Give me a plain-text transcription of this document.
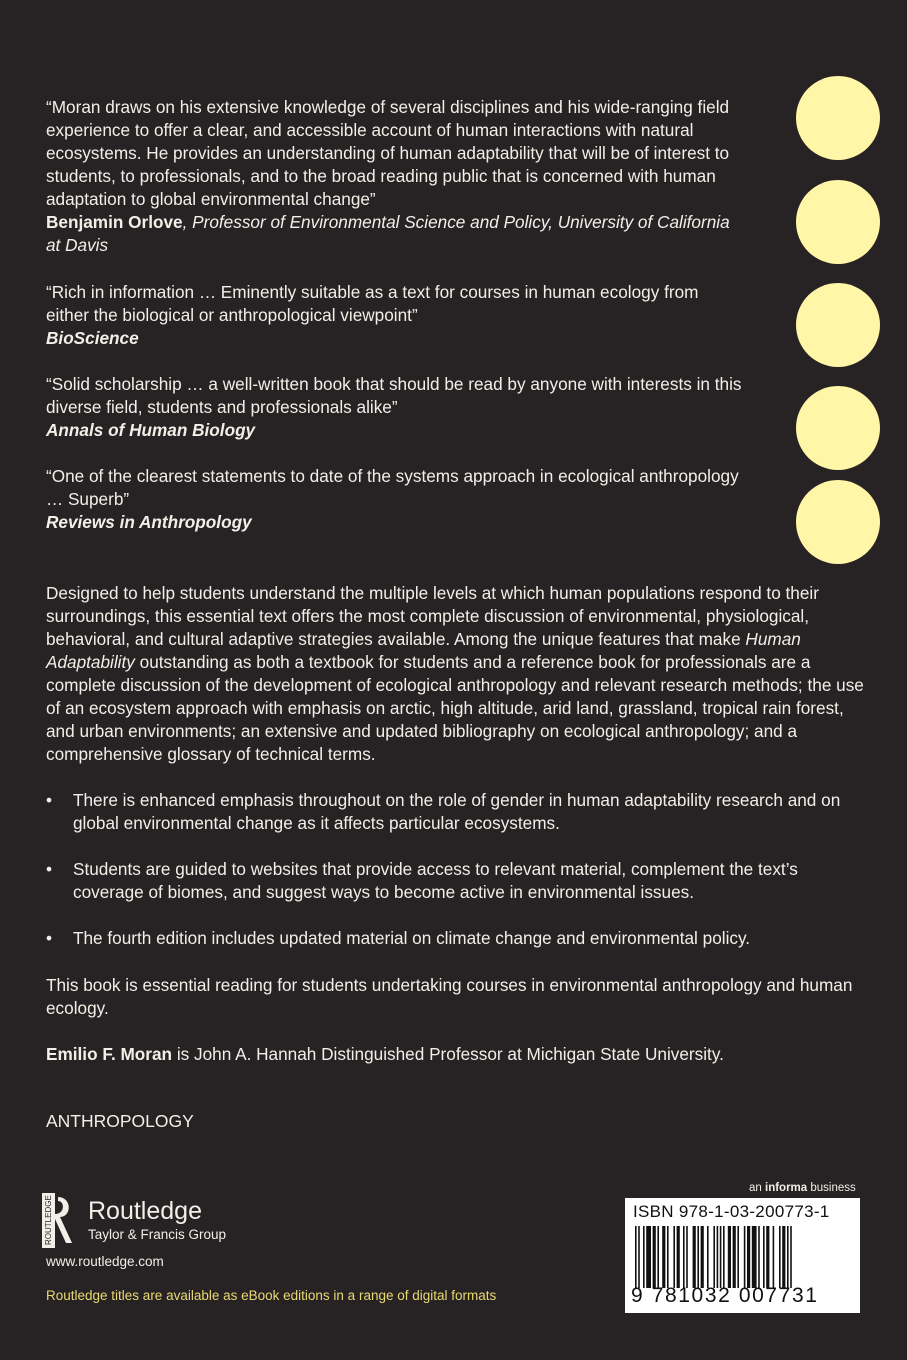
“Moran draws on his extensive knowledge of several disciplines and his wide-ranging field experience to offer a clear, and accessible account of human interactions with natural ecosystems. He provides an understanding of human adaptability that will be of interest to students, to professionals, and to the broad reading public that is concerned with human adaptation to global environmental change”
Benjamin Orlove, Professor of Environmental Science and Policy, University of California at Davis
“Rich in information … Eminently suitable as a text for courses in human ecology from either the biological or anthropological viewpoint”
BioScience
“Solid scholarship … a well-written book that should be read by anyone with interests in this diverse field, students and professionals alike”
Annals of Human Biology
“One of the clearest statements to date of the systems approach in ecological anthropology … Superb”
Reviews in Anthropology
Designed to help students understand the multiple levels at which human populations respond to their surroundings, this essential text offers the most complete discussion of environmental, physiological, behavioral, and cultural adaptive strategies available. Among the unique features that make Human Adaptability outstanding as both a textbook for students and a reference book for professionals are a complete discussion of the development of ecological anthropology and relevant research methods; the use of an ecosystem approach with emphasis on arctic, high altitude, arid land, grassland, tropical rain forest, and urban environments; an extensive and updated bibliography on ecological anthropology; and a comprehensive glossary of technical terms.
• There is enhanced emphasis throughout on the role of gender in human adaptability research and on global environmental change as it affects particular ecosystems.
• Students are guided to websites that provide access to relevant material, complement the text’s coverage of biomes, and suggest ways to become active in environmental issues.
• The fourth edition includes updated material on climate change and environmental policy.
This book is essential reading for students undertaking courses in environmental anthropology and human ecology.
Emilio F. Moran is John A. Hannah Distinguished Professor at Michigan State University.
ANTHROPOLOGY
ROUTLEDGE Routledge
Taylor & Francis Group
www.routledge.com
Routledge titles are available as eBook editions in a range of digital formats
an informa business
ISBN 978-1-03-200773-1
9 781032 007731
